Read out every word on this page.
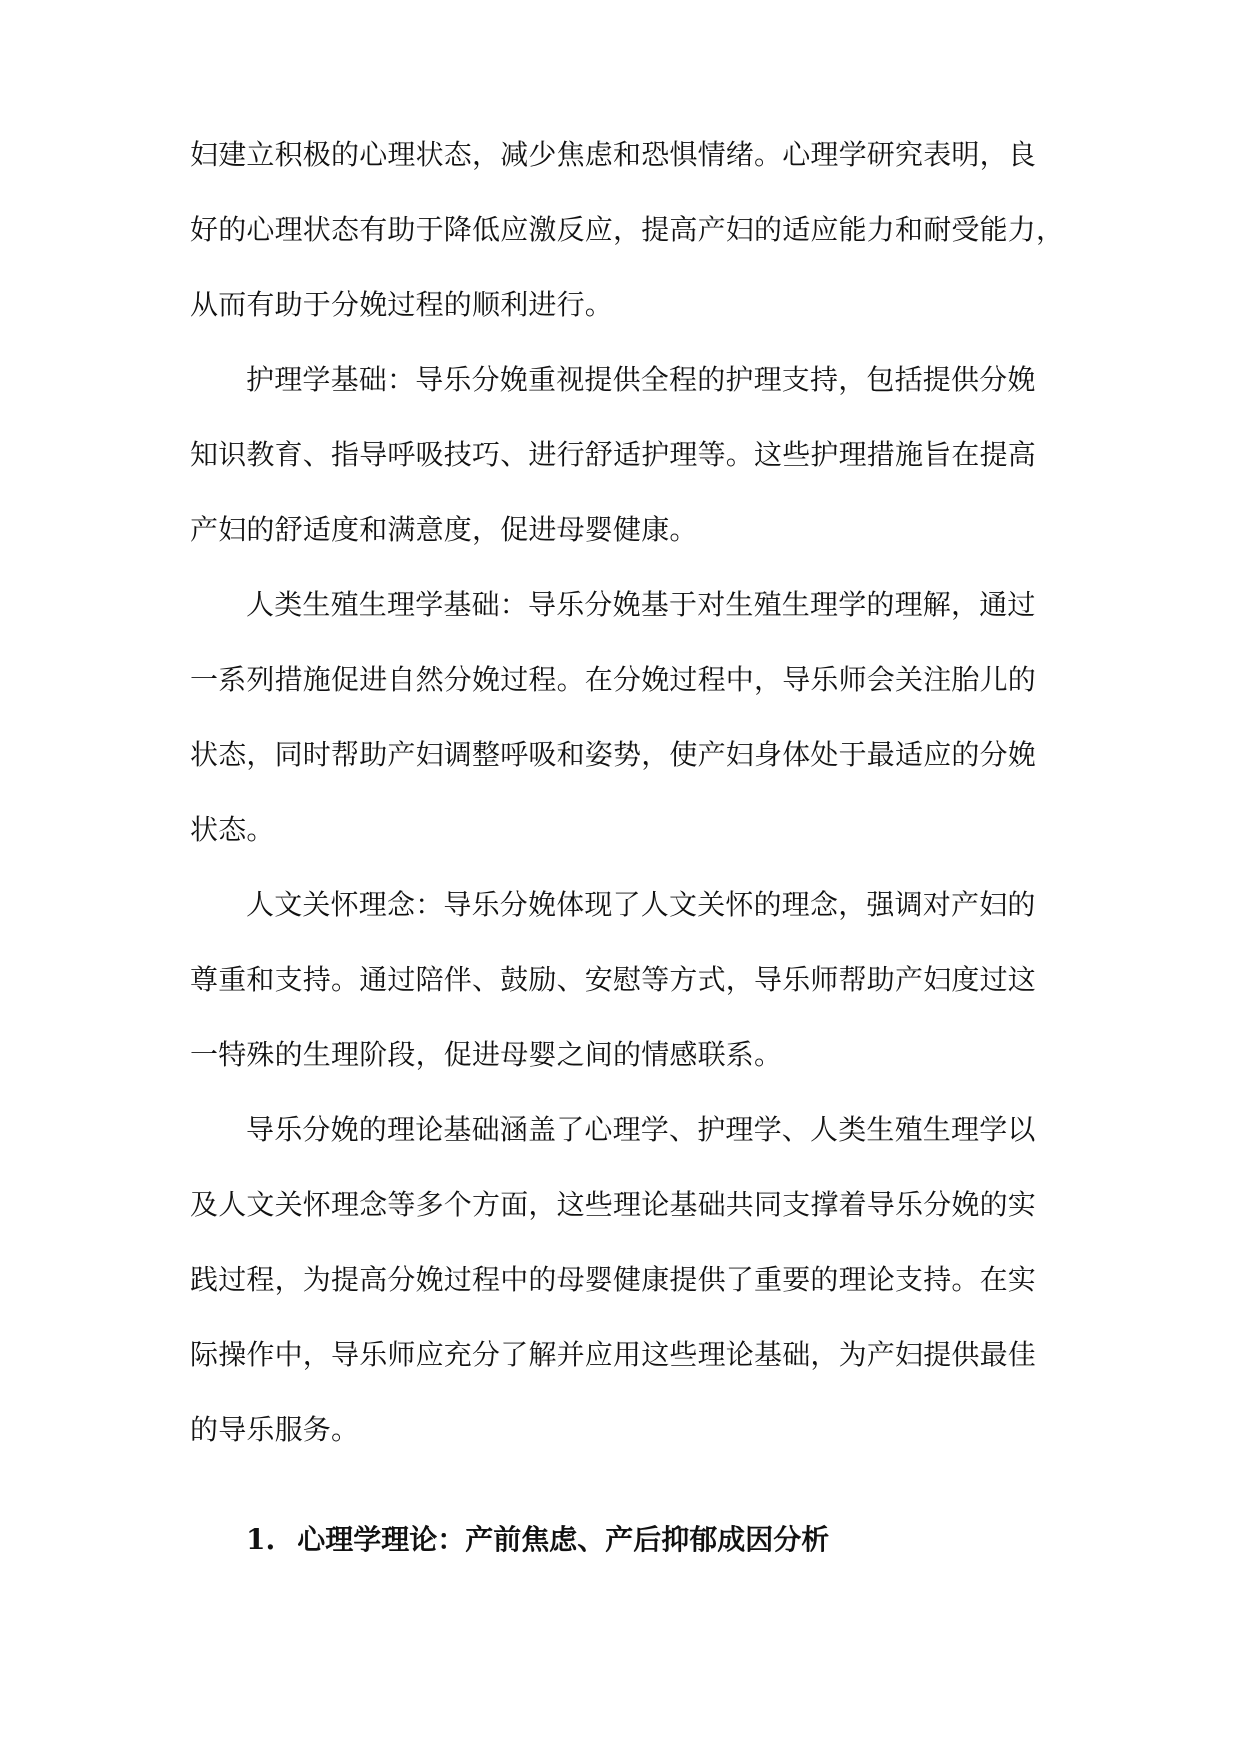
妇建立积极的心理状态，减少焦虑和恐惧情绪。心理学研究表明，良
好的心理状态有助于降低应激反应，提高产妇的适应能力和耐受能力，
从而有助于分娩过程的顺利进行。
护理学基础：导乐分娩重视提供全程的护理支持，包括提供分娩
知识教育、指导呼吸技巧、进行舒适护理等。这些护理措施旨在提高
产妇的舒适度和满意度，促进母婴健康。
人类生殖生理学基础：导乐分娩基于对生殖生理学的理解，通过
一系列措施促进自然分娩过程。在分娩过程中，导乐师会关注胎儿的
状态，同时帮助产妇调整呼吸和姿势，使产妇身体处于最适应的分娩
状态。
人文关怀理念：导乐分娩体现了人文关怀的理念，强调对产妇的
尊重和支持。通过陪伴、鼓励、安慰等方式，导乐师帮助产妇度过这
一特殊的生理阶段，促进母婴之间的情感联系。
导乐分娩的理论基础涵盖了心理学、护理学、人类生殖生理学以
及人文关怀理念等多个方面，这些理论基础共同支撑着导乐分娩的实
践过程，为提高分娩过程中的母婴健康提供了重要的理论支持。在实
际操作中，导乐师应充分了解并应用这些理论基础，为产妇提供最佳
的导乐服务。
1. 心理学理论：产前焦虑、产后抑郁成因分析
